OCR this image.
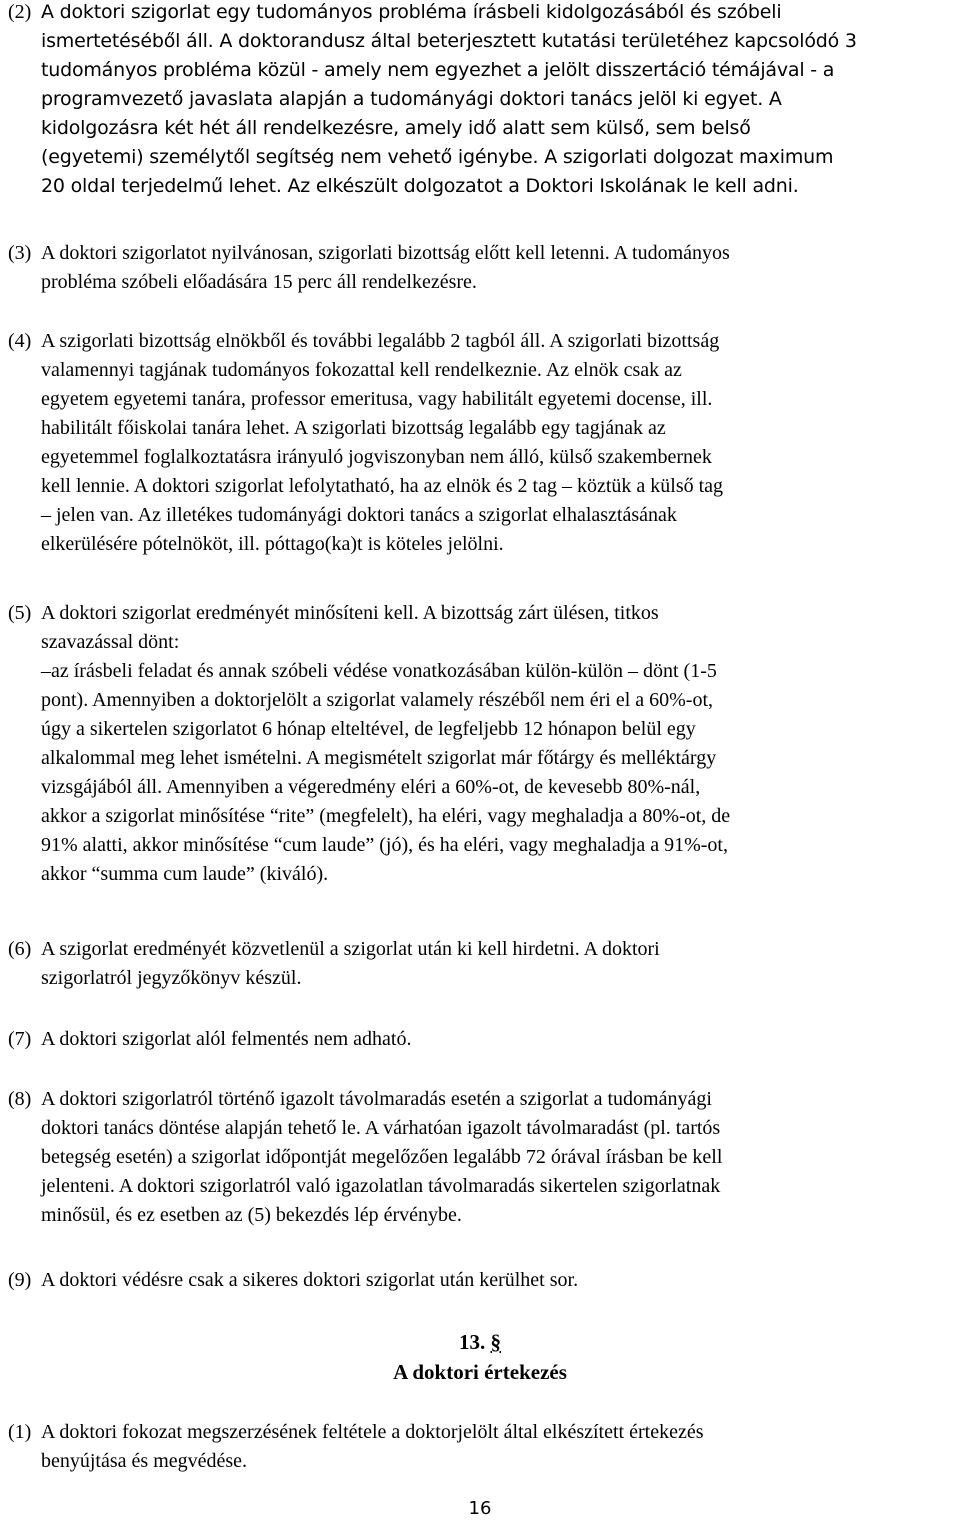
(2) A doktori szigorlat egy tudományos probléma írásbeli kidolgozásából és szóbeli
ismertetéséből áll. A doktorandusz által beterjesztett kutatási területéhez kapcsolódó 3
tudományos probléma közül - amely nem egyezhet a jelölt disszertáció témájával - a
programvezető javaslata alapján a tudományági doktori tanács jelöl ki egyet. A
kidolgozásra két hét áll rendelkezésre, amely idő alatt sem külső, sem belső
(egyetemi) személytől segítség nem vehető igénybe. A szigorlati dolgozat maximum
20 oldal terjedelmű lehet. Az elkészült dolgozatot a Doktori Iskolának le kell adni.
(3) A doktori szigorlatot nyilvánosan, szigorlati bizottság előtt kell letenni. A tudományos
probléma szóbeli előadására 15 perc áll rendelkezésre.
(4) A szigorlati bizottság elnökből és további legalább 2 tagból áll. A szigorlati bizottság
valamennyi tagjának tudományos fokozattal kell rendelkeznie. Az elnök csak az
egyetem egyetemi tanára, professor emeritusa, vagy habilitált egyetemi docense, ill.
habilitált főiskolai tanára lehet. A szigorlati bizottság legalább egy tagjának az
egyetemmel foglalkoztatásra irányuló jogviszonyban nem álló, külső szakembernek
kell lennie. A doktori szigorlat lefolytatható, ha az elnök és 2 tag – köztük a külső tag
– jelen van. Az illetékes tudományági doktori tanács a szigorlat elhalasztásának
elkerülésére pótelnököt, ill. póttago(ka)t is köteles jelölni.
(5) A doktori szigorlat eredményét minősíteni kell. A bizottság zárt ülésen, titkos
szavazással dönt:
–az írásbeli feladat és annak szóbeli védése vonatkozásában külön-külön – dönt (1-5
pont). Amennyiben a doktorjelölt a szigorlat valamely részéből nem éri el a 60%-ot,
úgy a sikertelen szigorlatot 6 hónap elteltével, de legfeljebb 12 hónapon belül egy
alkalommal meg lehet ismételni. A megismételt szigorlat már főtárgy és melléktárgy
vizsgájából áll. Amennyiben a végeredmény eléri a 60%-ot, de kevesebb 80%-nál,
akkor a szigorlat minősítése “rite” (megfelelt), ha eléri, vagy meghaladja a 80%-ot, de
91% alatti, akkor minősítése “cum laude” (jó), és ha eléri, vagy meghaladja a 91%-ot,
akkor “summa cum laude” (kiváló).
(6) A szigorlat eredményét közvetlenül a szigorlat után ki kell hirdetni. A doktori
szigorlatról jegyzőkönyv készül.
(7) A doktori szigorlat alól felmentés nem adható.
(8) A doktori szigorlatról történő igazolt távolmaradás esetén a szigorlat a tudományági
doktori tanács döntése alapján tehető le. A várhatóan igazolt távolmaradást (pl. tartós
betegség esetén) a szigorlat időpontját megelőzően legalább 72 órával írásban be kell
jelenteni. A doktori szigorlatról való igazolatlan távolmaradás sikertelen szigorlatnak
minősül, és ez esetben az (5) bekezdés lép érvénybe.
(9) A doktori védésre csak a sikeres doktori szigorlat után kerülhet sor.
13. §
A doktori értekezés
(1) A doktori fokozat megszerzésének feltétele a doktorjelölt által elkészített értekezés
benyújtása és megvédése.
16
